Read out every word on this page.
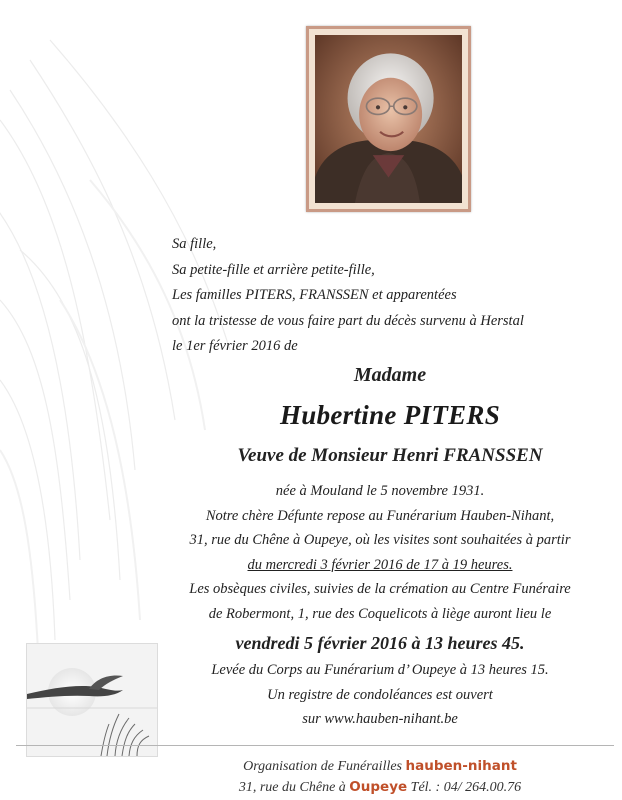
Sa fille,
Sa petite-fille et arrière petite-fille,
Les familles PITERS, FRANSSEN et apparentées
ont la tristesse de vous faire part du décès survenu à Herstal
le 1er février 2016 de
Madame
Hubertine PITERS
Veuve de Monsieur Henri FRANSSEN
née à Mouland le 5 novembre 1931.
Notre chère Défunte repose au Funérarium Hauben-Nihant,
31, rue du Chêne à Oupeye, où les visites sont souhaitées à partir
du mercredi 3 février 2016 de 17 à 19 heures.
Les obsèques civiles, suivies de la crémation au Centre Funéraire
de Robermont, 1, rue des Coquelicots à liège auront lieu le
vendredi 5 février 2016 à 13 heures 45.
Levée du Corps au Funérarium d’ Oupeye à 13 heures 15.
Un registre de condoléances est ouvert
sur www.hauben-nihant.be
Organisation de Funérailles hauben-nihant
31, rue du Chêne à Oupeye Tél. : 04/ 264.00.76
